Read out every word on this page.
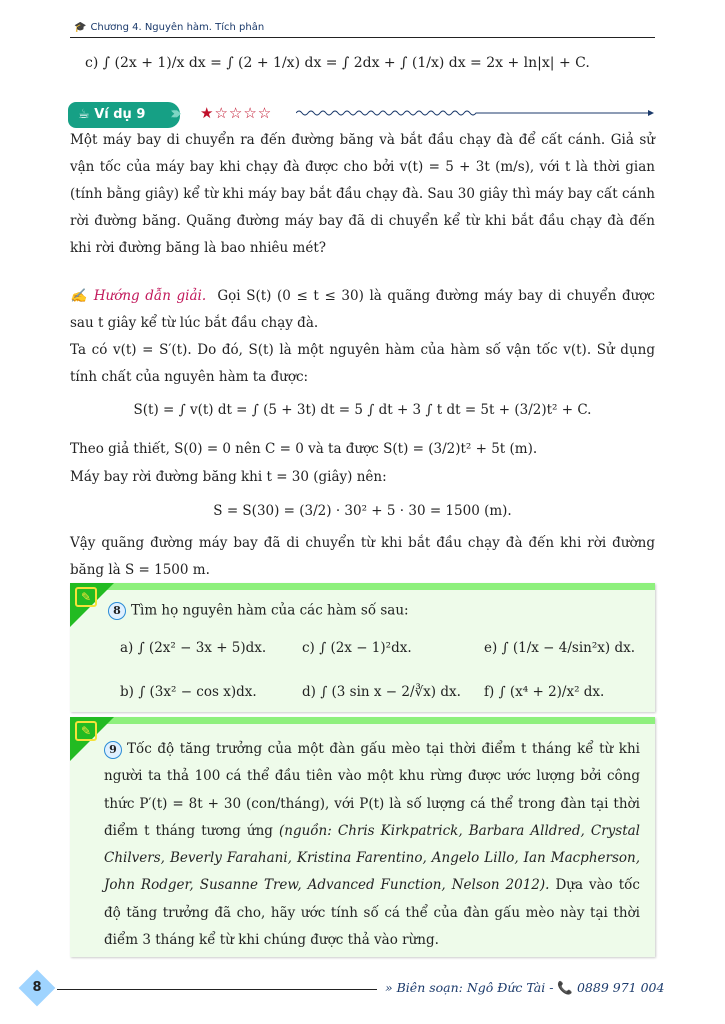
🎓 Chương 4. Nguyên hàm. Tích phân
c) ∫ (2x + 1)/x dx = ∫ (2 + 1/x) dx = ∫ 2dx + ∫ (1/x) dx = 2x + ln|x| + C.
☕ Ví dụ 9	››››› ★☆☆☆☆
Một máy bay di chuyển ra đến đường băng và bắt đầu chạy đà để cất cánh. Giả sử vận tốc của máy bay khi chạy đà được cho bởi v(t) = 5 + 3t (m/s), với t là thời gian (tính bằng giây) kể từ khi máy bay bắt đầu chạy đà. Sau 30 giây thì máy bay cất cánh rời đường băng. Quãng đường máy bay đã di chuyển kể từ khi bắt đầu chạy đà đến khi rời đường băng là bao nhiêu mét?
✍ Hướng dẫn giải. Gọi S(t) (0 ≤ t ≤ 30) là quãng đường máy bay di chuyển được sau t giây kể từ lúc bắt đầu chạy đà.
Ta có v(t) = S′(t). Do đó, S(t) là một nguyên hàm của hàm số vận tốc v(t). Sử dụng tính chất của nguyên hàm ta được:
S(t) = ∫ v(t) dt = ∫ (5 + 3t) dt = 5 ∫ dt + 3 ∫ t dt = 5t + (3/2)t² + C.
Theo giả thiết, S(0) = 0 nên C = 0 và ta được S(t) = (3/2)t² + 5t (m).
Máy bay rời đường băng khi t = 30 (giây) nên:
S = S(30) = (3/2) · 30² + 5 · 30 = 1500 (m).
Vậy quãng đường máy bay đã di chuyển từ khi bắt đầu chạy đà đến khi rời đường băng là S = 1500 m.
✎
8 Tìm họ nguyên hàm của các hàm số sau:
a) ∫ (2x² − 3x + 5)dx.	c) ∫ (2x − 1)²dx.	e) ∫ (1/x − 4/sin²x) dx.
b) ∫ (3x² − cos x)dx.	d) ∫ (3 sin x − 2/∛x) dx. f) ∫ (x⁴ + 2)/x² dx.
✎
9 Tốc độ tăng trưởng của một đàn gấu mèo tại thời điểm t tháng kể từ khi người ta thả 100 cá thể đầu tiên vào một khu rừng được ước lượng bởi công thức P′(t) = 8t + 30 (con/tháng), với P(t) là số lượng cá thể trong đàn tại thời điểm t tháng tương ứng (nguồn: Chris Kirkpatrick, Barbara Alldred, Crystal Chilvers, Beverly Farahani, Kristina Farentino, Angelo Lillo, Ian Macpherson, John Rodger, Susanne Trew, Advanced Function, Nelson 2012). Dựa vào tốc độ tăng trưởng đã cho, hãy ước tính số cá thể của đàn gấu mèo này tại thời điểm 3 tháng kể từ khi chúng được thả vào rừng.
8	» Biên soạn: Ngô Đức Tài - 📞 0889 971 004
